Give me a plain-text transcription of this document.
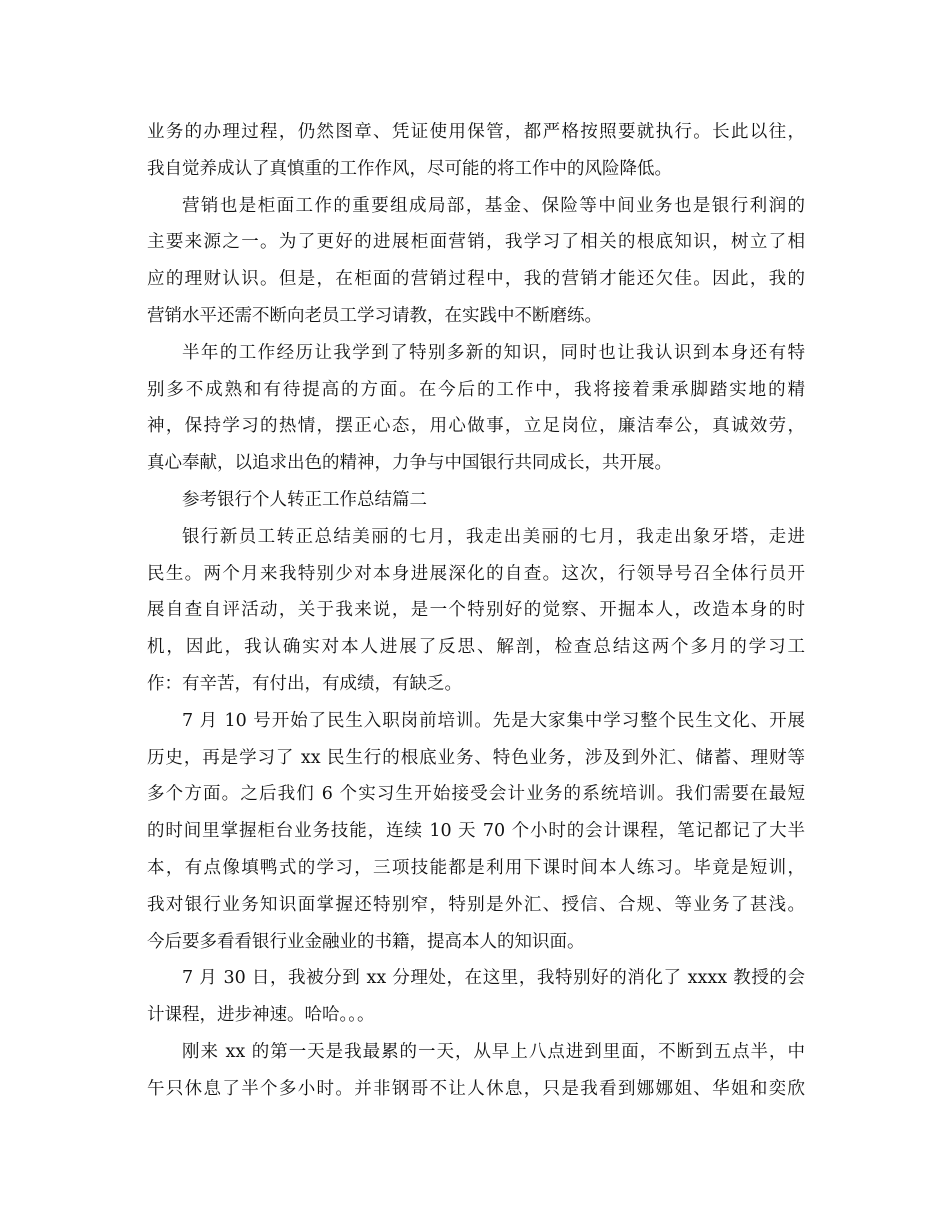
业务的办理过程，仍然图章、凭证使用保管，都严格按照要就执行。长此以往，
我自觉养成认了真慎重的工作作风，尽可能的将工作中的风险降低。
营销也是柜面工作的重要组成局部，基金、保险等中间业务也是银行利润的
主要来源之一。为了更好的进展柜面营销，我学习了相关的根底知识，树立了相
应的理财认识。但是，在柜面的营销过程中，我的营销才能还欠佳。因此，我的
营销水平还需不断向老员工学习请教，在实践中不断磨练。
半年的工作经历让我学到了特别多新的知识，同时也让我认识到本身还有特
别多不成熟和有待提高的方面。在今后的工作中，我将接着秉承脚踏实地的精
神，保持学习的热情，摆正心态，用心做事，立足岗位，廉洁奉公，真诚效劳，
真心奉献，以追求出色的精神，力争与中国银行共同成长，共开展。
参考银行个人转正工作总结篇二
银行新员工转正总结美丽的七月，我走出美丽的七月，我走出象牙塔，走进
民生。两个月来我特别少对本身进展深化的自查。这次，行领导号召全体行员开
展自查自评活动，关于我来说，是一个特别好的觉察、开掘本人，改造本身的时
机，因此，我认确实对本人进展了反思、解剖，检查总结这两个多月的学习工
作：有辛苦，有付出，有成绩，有缺乏。
7 月 10 号开始了民生入职岗前培训。先是大家集中学习整个民生文化、开展
历史，再是学习了 xx 民生行的根底业务、特色业务，涉及到外汇、储蓄、理财等
多个方面。之后我们 6 个实习生开始接受会计业务的系统培训。我们需要在最短
的时间里掌握柜台业务技能，连续 10 天 70 个小时的会计课程，笔记都记了大半
本，有点像填鸭式的学习，三项技能都是利用下课时间本人练习。毕竟是短训，
我对银行业务知识面掌握还特别窄，特别是外汇、授信、合规、等业务了甚浅。
今后要多看看银行业金融业的书籍，提高本人的知识面。
7 月 30 日，我被分到 xx 分理处，在这里，我特别好的消化了 xxxx 教授的会
计课程，进步神速。哈哈。。。
刚来 xx 的第一天是我最累的一天，从早上八点进到里面，不断到五点半，中
午只休息了半个多小时。并非钢哥不让人休息，只是我看到娜娜姐、华姐和奕欣
